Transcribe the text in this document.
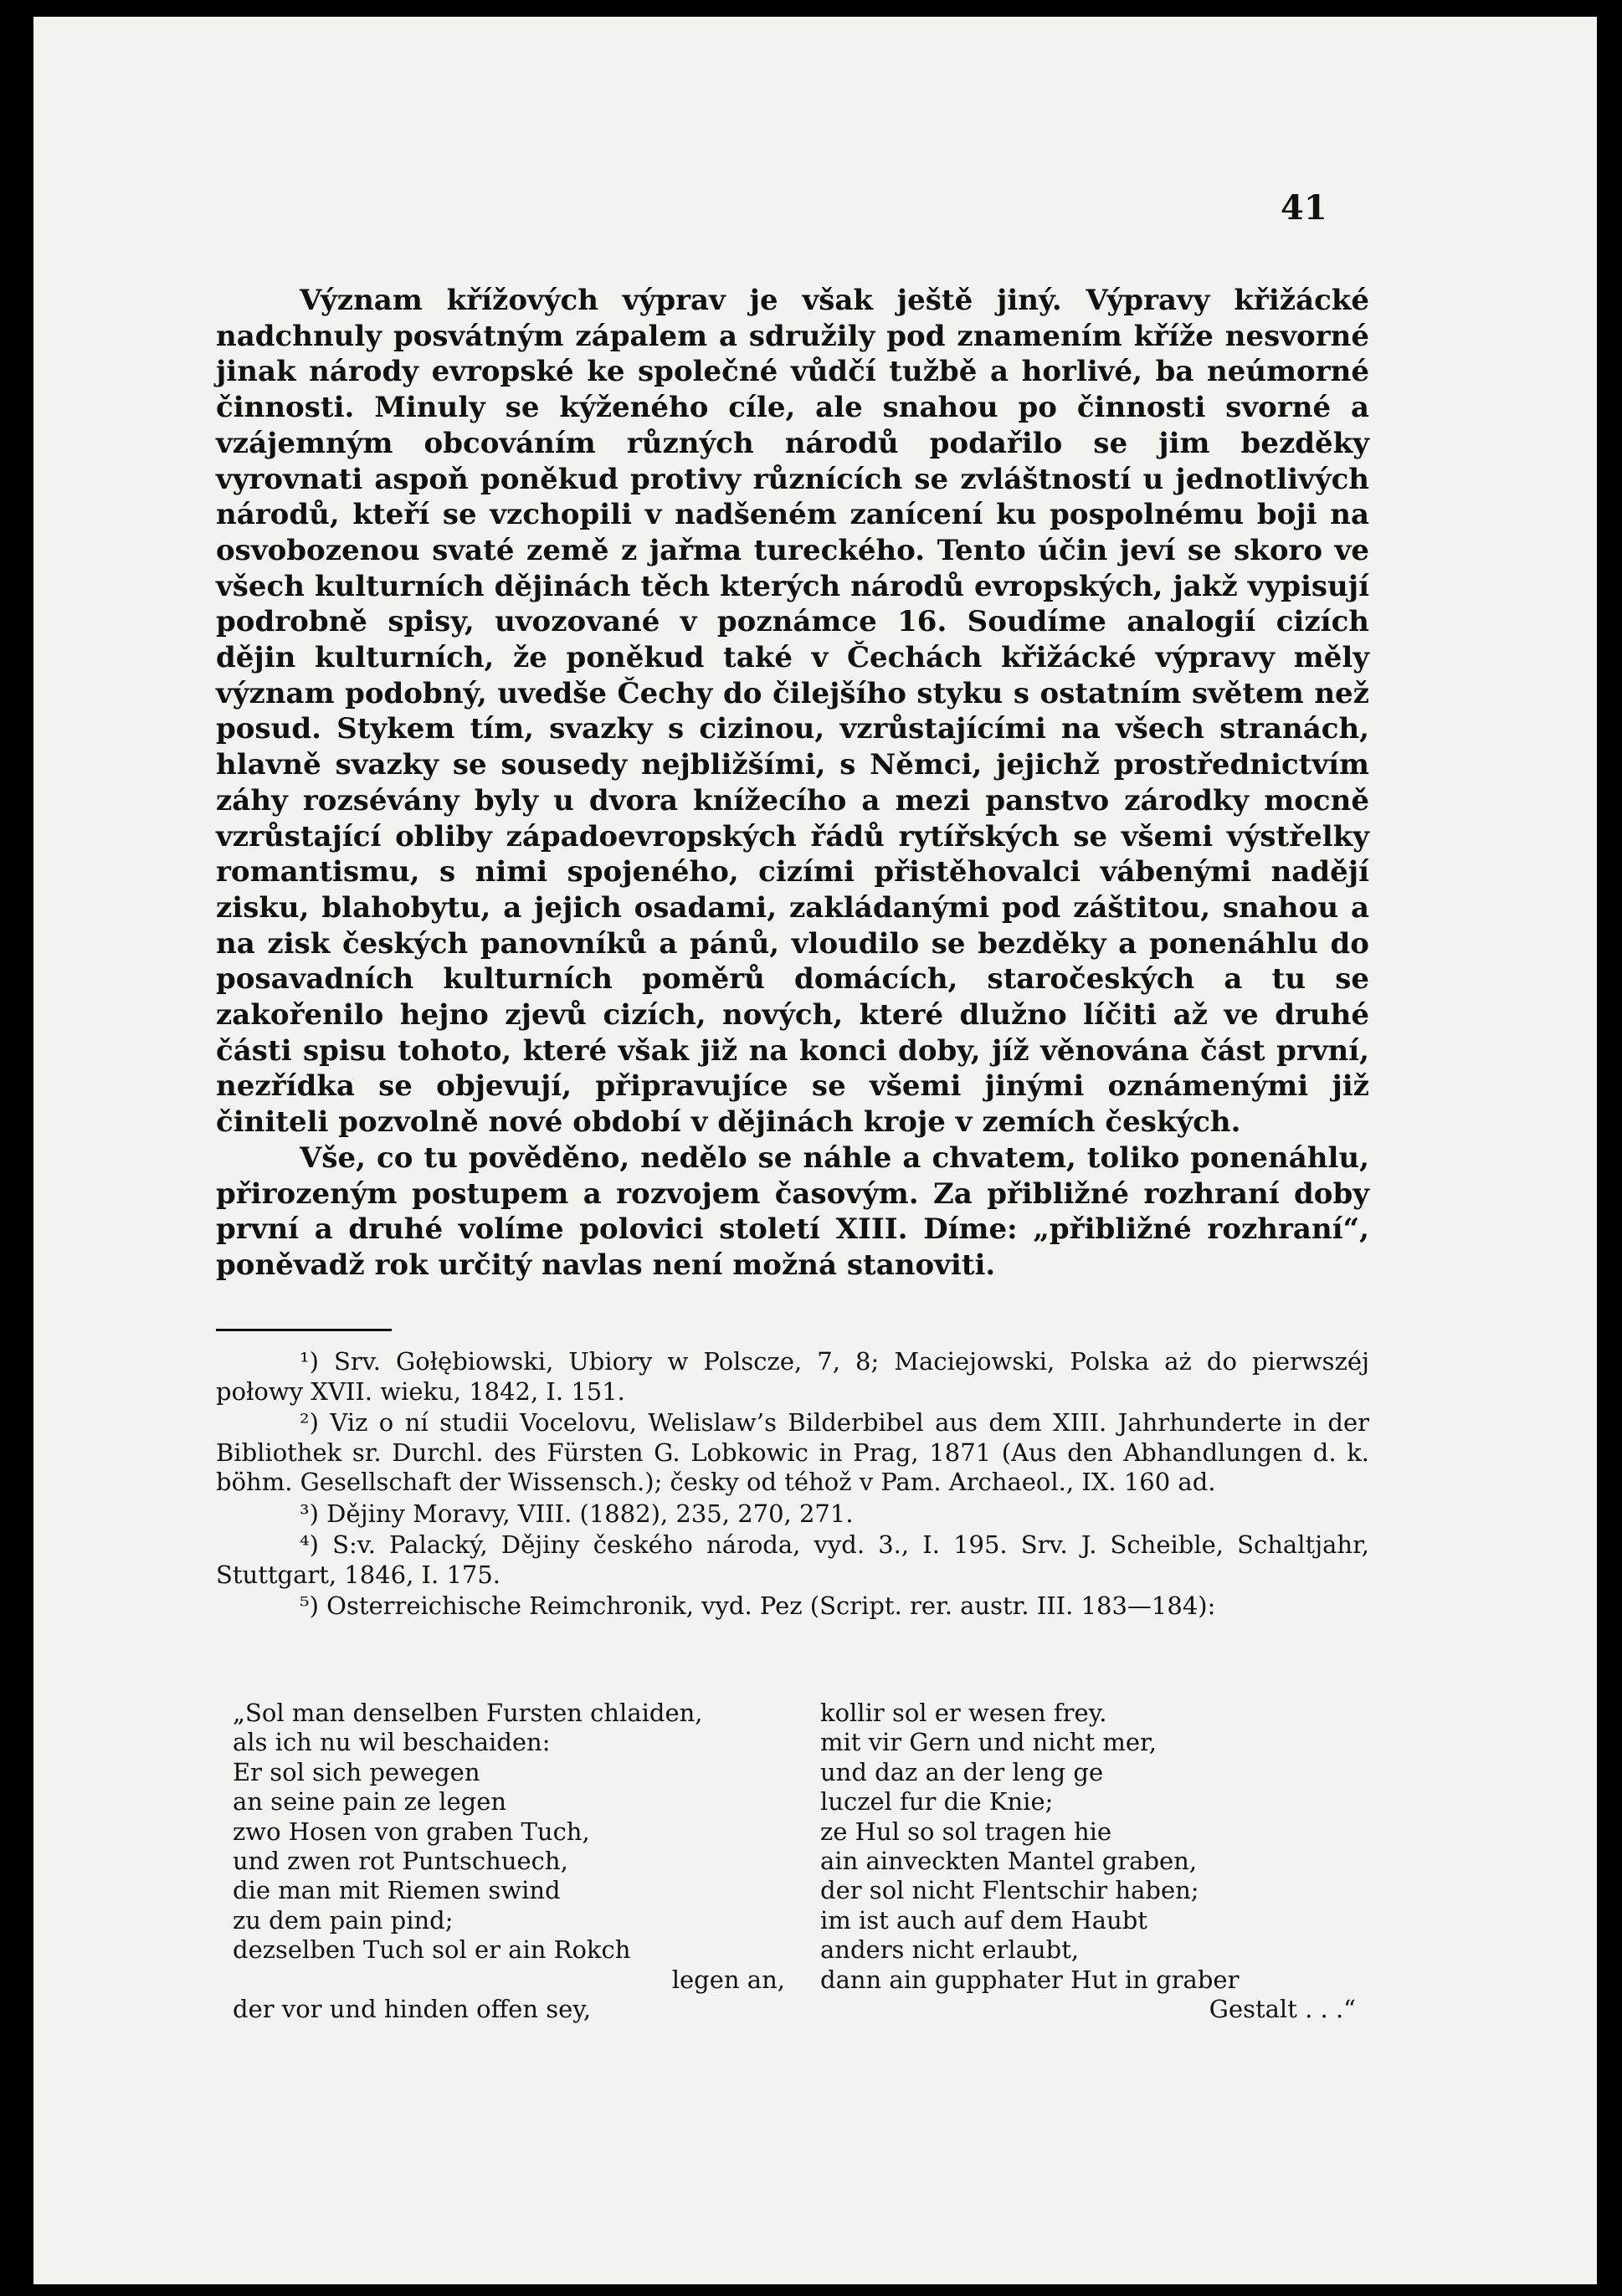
41

Význam křížových výprav je však ještě jiný. Výpravy křižácké nadchnuly posvátným zápalem a sdružily pod znamením kříže nesvorné jinak národy evropské ke společné vůdčí tužbě a horlivé, ba neúmorné činnosti. Minuly se kýženého cíle, ale snahou po činnosti svorné a vzájemným obcováním různých národů podařilo se jim bezděky vyrovnati aspoň poněkud protivy různících se zvláštností u jednotlivých národů, kteří se vzchopili v nadšeném zanícení ku pospolnému boji na osvobozenou svaté země z jařma tureckého. Tento účin jeví se skoro ve všech kulturních dějinách těch kterých národů evropských, jakž vypisují podrobně spisy, uvozované v poznámce 16. Soudíme analogií cizích dějin kulturních, že poněkud také v Čechách křižácké výpravy měly význam podobný, uvedše Čechy do čilejšího styku s ostatním světem než posud. Stykem tím, svazky s cizinou, vzrůstajícími na všech stranách, hlavně svazky se sousedy nejbližšími, s Němci, jejichž prostřednictvím záhy rozsévány byly u dvora knížecího a mezi panstvo zárodky mocně vzrůstající obliby západoevropských řádů rytířských se všemi výstřelky romantismu, s nimi spojeného, cizími přistěhovalci vábenými nadějí zisku, blahobytu, a jejich osadami, zakládanými pod záštitou, snahou a na zisk českých panovníků a pánů, vloudilo se bezděky a ponenáhlu do posavadních kulturních poměrů domácích, staročeských a tu se zakořenilo hejno zjevů cizích, nových, které dlužno líčiti až ve druhé části spisu tohoto, které však již na konci doby, jíž věnována část první, nezřídka se objevují, připravujíce se všemi jinými oznámenými již činiteli pozvolně nové období v dějinách kroje v zemích českých.

Vše, co tu pověděno, nedělo se náhle a chvatem, toliko ponenáhlu, přirozeným postupem a rozvojem časovým. Za přibližné rozhraní doby první a druhé volíme polovici století XIII. Díme: „přibližné rozhraní“, poněvadž rok určitý navlas není možná stanoviti.

¹) Srv. Gołębiowski, Ubiory w Polscze, 7, 8; Maciejowski, Polska aż do pierwszéj połowy XVII. wieku, 1842, I. 151.

²) Viz o ní studii Vocelovu, Welislaw’s Bilderbibel aus dem XIII. Jahrhunderte in der Bibliothek sr. Durchl. des Fürsten G. Lobkowic in Prag, 1871 (Aus den Abhandlungen d. k. böhm. Gesellschaft der Wissensch.); česky od téhož v Pam. Archaeol., IX. 160 ad.

³) Dějiny Moravy, VIII. (1882), 235, 270, 271.

⁴) S:v. Palacký, Dějiny českého národa, vyd. 3., I. 195. Srv. J. Scheible, Schaltjahr, Stuttgart, 1846, I. 175.

⁵) Osterreichische Reimchronik, vyd. Pez (Script. rer. austr. III. 183—184):

„Sol man denselben Fursten chlaiden,
als ich nu wil beschaiden:
Er sol sich pewegen
an seine pain ze legen
zwo Hosen von graben Tuch,
und zwen rot Puntschuech,
die man mit Riemen swind
zu dem pain pind;
dezselben Tuch sol er ain Rokch
legen an,
der vor und hinden offen sey,
kollir sol er wesen frey.
mit vir Gern und nicht mer,
und daz an der leng ge
luczel fur die Knie;
ze Hul so sol tragen hie
ain ainveckten Mantel graben,
der sol nicht Flentschir haben;
im ist auch auf dem Haubt
anders nicht erlaubt,
dann ain gupphater Hut in graber
Gestalt . . .“
